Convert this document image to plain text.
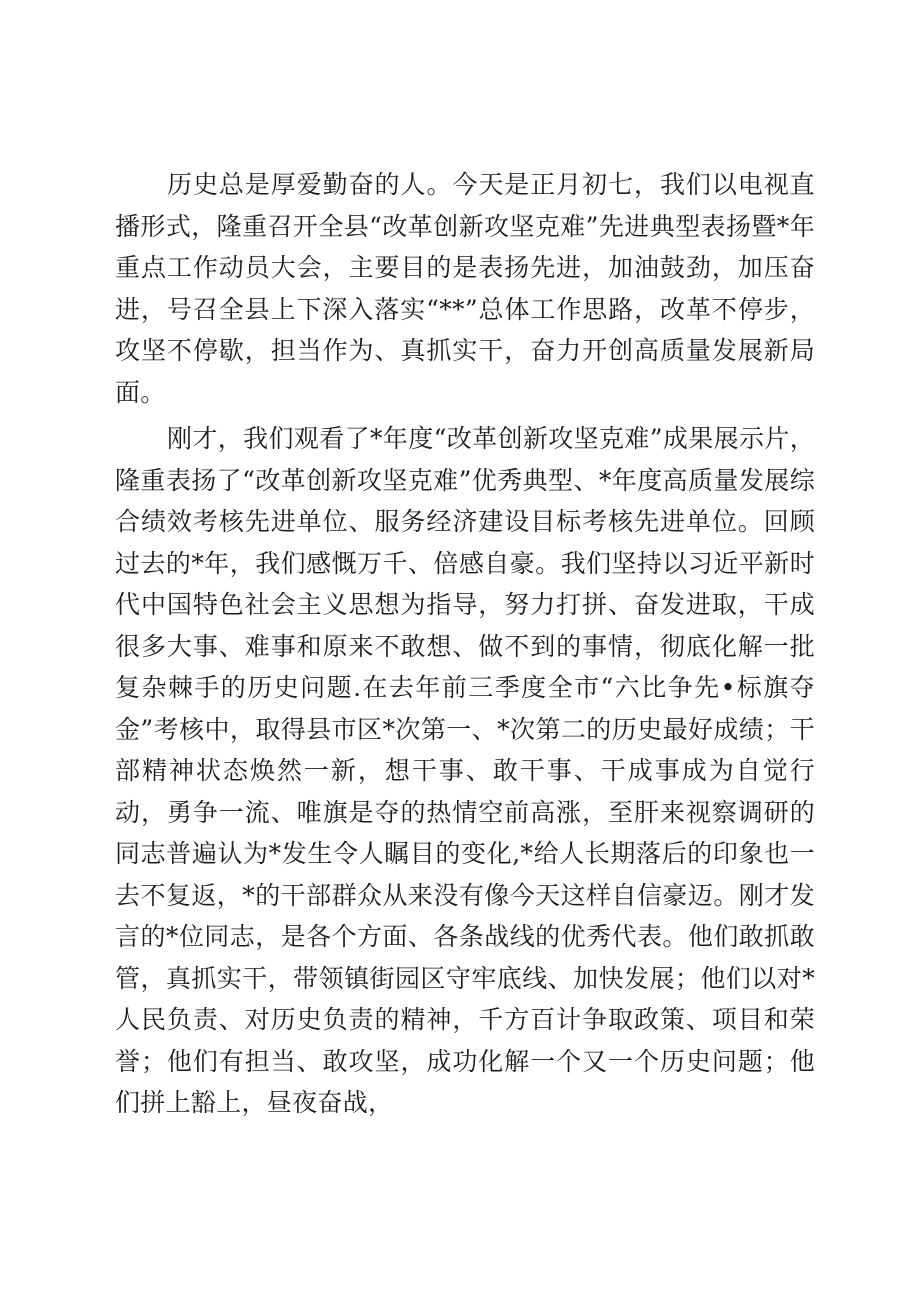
历史总是厚爱勤奋的人。今天是正月初七，我们以电视直播形式，隆重召开全县“改革创新攻坚克难”先进典型表扬暨*年重点工作动员大会，主要目的是表扬先进，加油鼓劲，加压奋进，号召全县上下深入落实“**”总体工作思路，改革不停步，攻坚不停歇，担当作为、真抓实干，奋力开创高质量发展新局面。

刚才，我们观看了*年度“改革创新攻坚克难”成果展示片，隆重表扬了“改革创新攻坚克难”优秀典型、*年度高质量发展综合绩效考核先进单位、服务经济建设目标考核先进单位。回顾过去的*年，我们感慨万千、倍感自豪。我们坚持以习近平新时代中国特色社会主义思想为指导，努力打拼、奋发进取，干成很多大事、难事和原来不敢想、做不到的事情，彻底化解一批复杂棘手的历史问题.在去年前三季度全市“六比争先•标旗夺金”考核中，取得县市区*次第一、*次第二的历史最好成绩；干部精神状态焕然一新，想干事、敢干事、干成事成为自觉行动，勇争一流、唯旗是夺的热情空前高涨，至肝来视察调研的同志普遍认为*发生令人瞩目的变化,*给人长期落后的印象也一去不复返，*的干部群众从来没有像今天这样自信豪迈。刚才发言的*位同志，是各个方面、各条战线的优秀代表。他们敢抓敢管，真抓实干，带领镇街园区守牢底线、加快发展；他们以对*人民负责、对历史负责的精神，千方百计争取政策、项目和荣誉；他们有担当、敢攻坚，成功化解一个又一个历史问题；他们拼上豁上，昼夜奋战，
